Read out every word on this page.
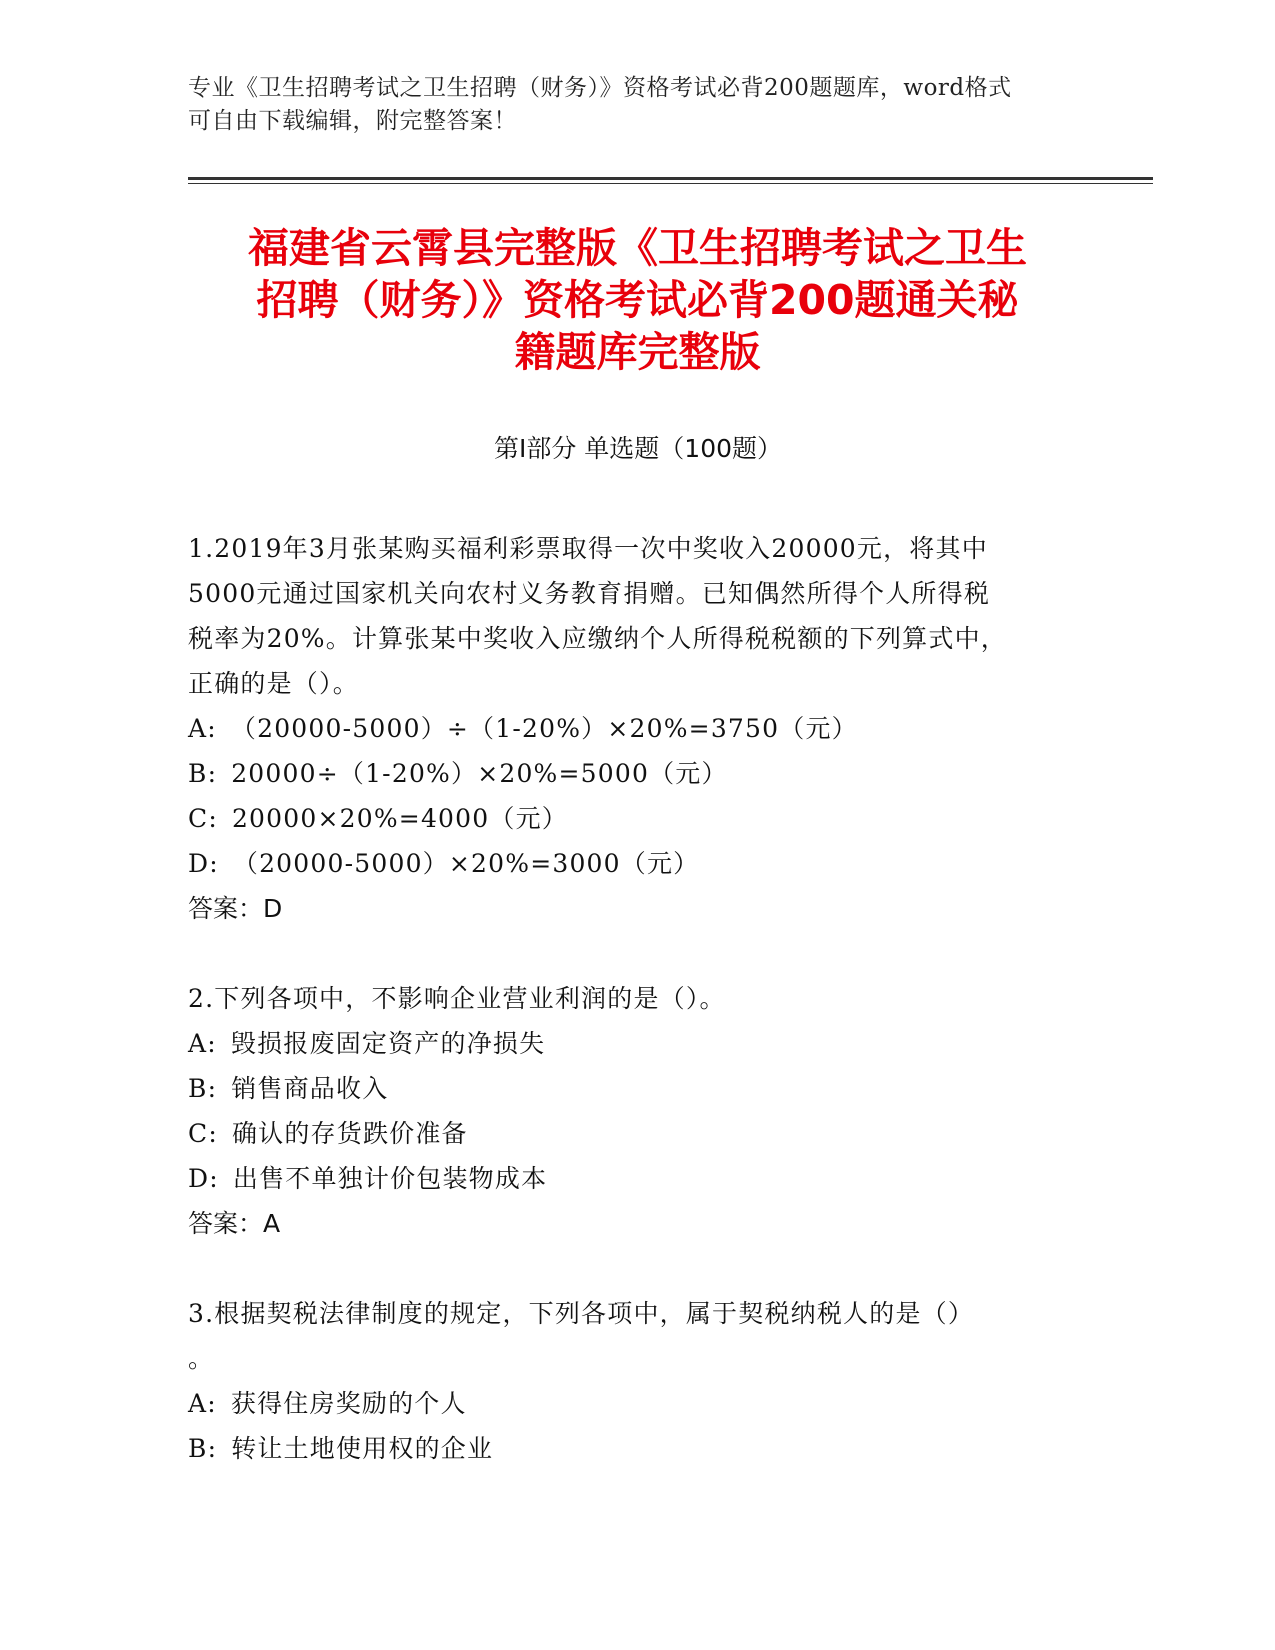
专业《卫生招聘考试之卫生招聘（财务）》资格考试必背200题题库，word格式
可自由下载编辑，附完整答案！
福建省云霄县完整版《卫生招聘考试之卫生
招聘（财务）》资格考试必背200题通关秘
籍题库完整版
第Ⅰ部分 单选题（100题）
1.2019年3月张某购买福利彩票取得一次中奖收入20000元，将其中
5000元通过国家机关向农村义务教育捐赠。已知偶然所得个人所得税
税率为20%。计算张某中奖收入应缴纳个人所得税税额的下列算式中，
正确的是（）。
A: （20000-5000）÷（1-20%）×20%=3750（元）
B: 20000÷（1-20%）×20%=5000（元）
C: 20000×20%=4000（元）
D: （20000-5000）×20%=3000（元）
答案：D
2.下列各项中，不影响企业营业利润的是（）。
A: 毁损报废固定资产的净损失
B: 销售商品收入
C: 确认的存货跌价准备
D: 出售不单独计价包装物成本
答案：A
3.根据契税法律制度的规定，下列各项中，属于契税纳税人的是（）
。
A: 获得住房奖励的个人
B: 转让土地使用权的企业
